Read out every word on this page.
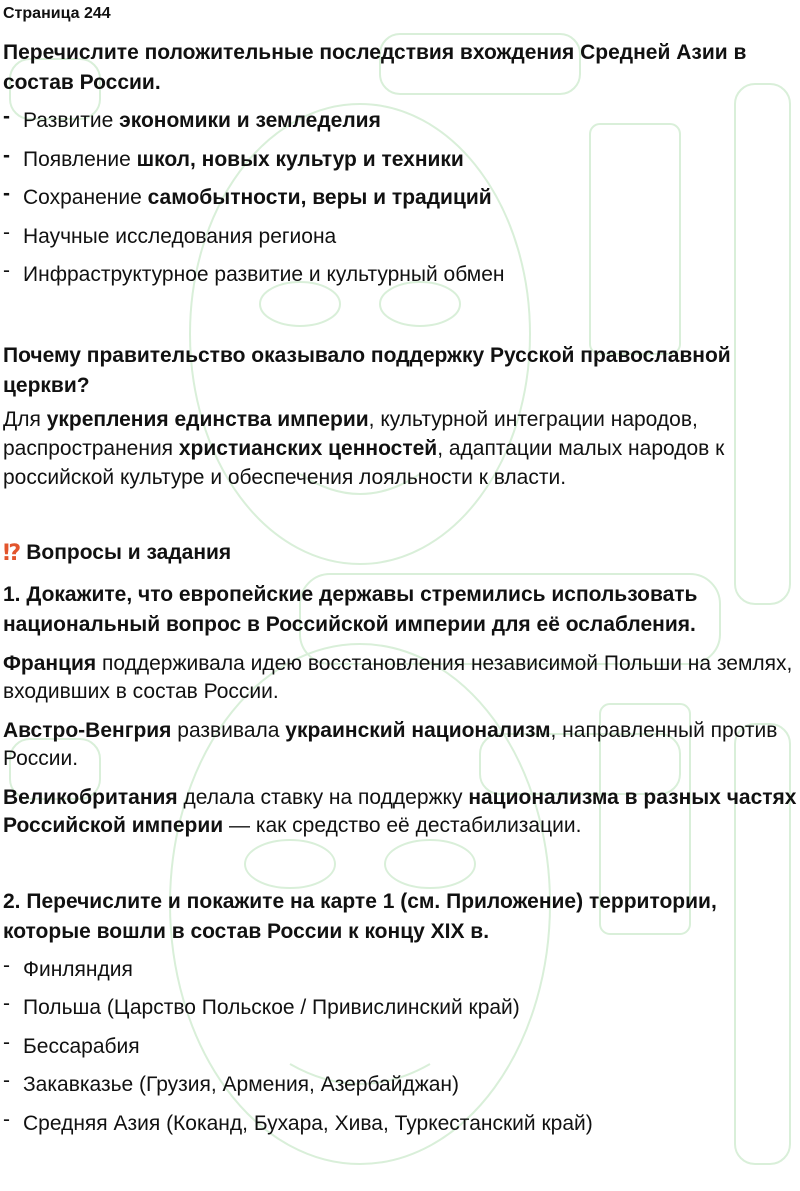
Страница 244
Перечислите положительные последствия вхождения Средней Азии в состав России.
- Развитие экономики и земледелия
- Появление школ, новых культур и техники
- Сохранение самобытности, веры и традиций
- Научные исследования региона
- Инфраструктурное развитие и культурный обмен
Почему правительство оказывало поддержку Русской православной церкви?

Для укрепления единства империи, культурной интеграции народов, распространения христианских ценностей, адаптации малых народов к российской культуре и обеспечения лояльности к власти.

⁉ Вопросы и задания
1. Докажите, что европейские державы стремились использовать национальный вопрос в Российской империи для её ослабления.

Франция поддерживала идею восстановления независимой Польши на землях, входивших в состав России.

Австро-Венгрия развивала украинский национализм, направленный против России.

Великобритания делала ставку на поддержку национализма в разных частях Российской империи — как средство её дестабилизации.

2. Перечислите и покажите на карте 1 (см. Приложение) территории, которые вошли в состав России к концу XIX в.
- Финляндия
- Польша (Царство Польское / Привислинский край)
- Бессарабия
- Закавказье (Грузия, Армения, Азербайджан)
- Средняя Азия (Коканд, Бухара, Хива, Туркестанский край)
